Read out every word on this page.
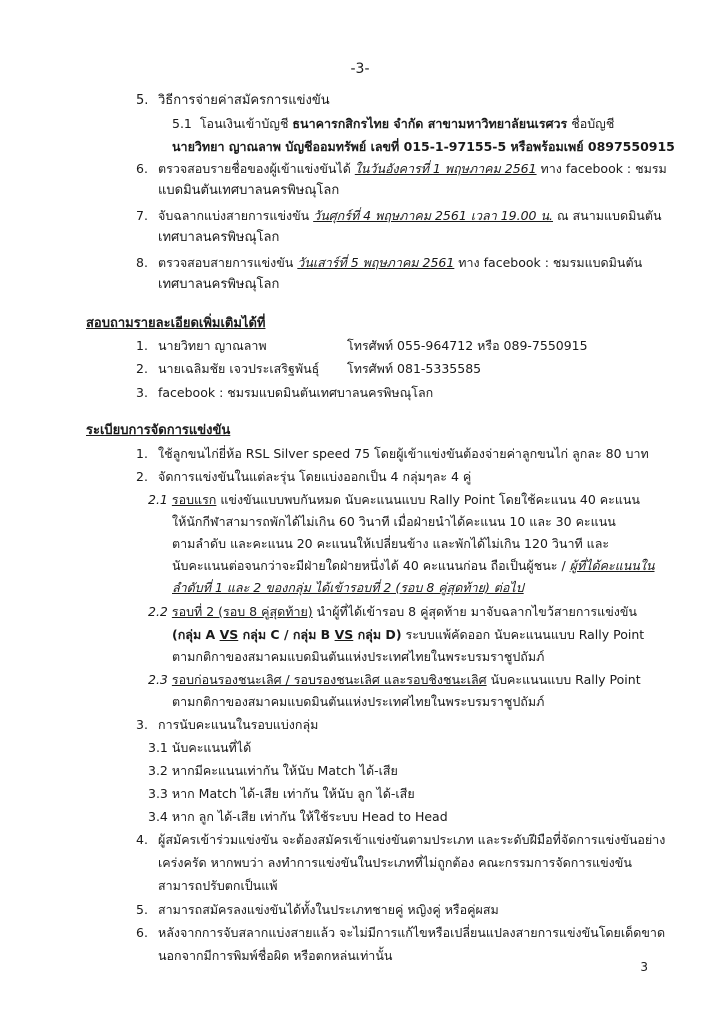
-3-
5. วิธีการจ่ายค่าสมัครการแข่งขัน
5.1 โอนเงินเข้าบัญชี ธนาคารกสิกรไทย จำกัด สาขามหาวิทยาลัยนเรศวร ชื่อบัญชี
นายวิทยา ญาณลาพ บัญชีออมทรัพย์ เลขที่ 015-1-97155-5 หรือพร้อมเพย์ 0897550915
6. ตรวจสอบรายชื่อของผู้เข้าแข่งขันได้ ในวันอังคารที่ 1 พฤษภาคม 2561 ทาง facebook : ชมรม
แบดมินตันเทศบาลนครพิษณุโลก
7. จับฉลากแบ่งสายการแข่งขัน วันศุกร์ที่ 4 พฤษภาคม 2561 เวลา 19.00 น. ณ สนามแบดมินตัน
เทศบาลนครพิษณุโลก
8. ตรวจสอบสายการแข่งขัน วันเสาร์ที่ 5 พฤษภาคม 2561 ทาง facebook : ชมรมแบดมินตัน
เทศบาลนครพิษณุโลก
สอบถามรายละเอียดเพิ่มเติมได้ที่
1. นายวิทยา ญาณลาพ	โทรศัพท์ 055-964712 หรือ 089-7550915
2. นายเฉลิมชัย เจวประเสริฐพันธุ์ โทรศัพท์ 081-5335585
3. facebook : ชมรมแบดมินตันเทศบาลนครพิษณุโลก
ระเบียบการจัดการแข่งขัน
1. ใช้ลูกขนไก่ยี่ห้อ RSL Silver speed 75 โดยผู้เข้าแข่งขันต้องจ่ายค่าลูกขนไก่ ลูกละ 80 บาท
2. จัดการแข่งขันในแต่ละรุ่น โดยแบ่งออกเป็น 4 กลุ่มๆละ 4 คู่
2.1 รอบแรก แข่งขันแบบพบกันหมด นับคะแนนแบบ Rally Point โดยใช้คะแนน 40 คะแนน
ให้นักกีฬาสามารถพักได้ไม่เกิน 60 วินาที เมื่อฝ่ายนำได้คะแนน 10 และ 30 คะแนน
ตามลำดับ และคะแนน 20 คะแนนให้เปลี่ยนข้าง และพักได้ไม่เกิน 120 วินาที และ
นับคะแนนต่อจนกว่าจะมีฝ่ายใดฝ่ายหนึ่งได้ 40 คะแนนก่อน ถือเป็นผู้ชนะ / ผู้ที่ได้คะแนนใน
ลำดับที่ 1 และ 2 ของกลุ่ม ได้เข้ารอบที่ 2 (รอบ 8 คู่สุดท้าย) ต่อไป
2.2 รอบที่ 2 (รอบ 8 คู่สุดท้าย) นำผู้ที่ได้เข้ารอบ 8 คู่สุดท้าย มาจับฉลากไขว้สายการแข่งขัน
(กลุ่ม A VS กลุ่ม C / กลุ่ม B VS กลุ่ม D) ระบบแพ้คัดออก นับคะแนนแบบ Rally Point
ตามกติกาของสมาคมแบดมินตันแห่งประเทศไทยในพระบรมราชูปถัมภ์
2.3 รอบก่อนรองชนะเลิศ / รอบรองชนะเลิศ และรอบชิงชนะเลิศ นับคะแนนแบบ Rally Point
ตามกติกาของสมาคมแบดมินตันแห่งประเทศไทยในพระบรมราชูปถัมภ์
3. การนับคะแนนในรอบแบ่งกลุ่ม
3.1 นับคะแนนที่ได้
3.2 หากมีคะแนนเท่ากัน ให้นับ Match ได้-เสีย
3.3 หาก Match ได้-เสีย เท่ากัน ให้นับ ลูก ได้-เสีย
3.4 หาก ลูก ได้-เสีย เท่ากัน ให้ใช้ระบบ Head to Head
4. ผู้สมัครเข้าร่วมแข่งขัน จะต้องสมัครเข้าแข่งขันตามประเภท และระดับฝีมือที่จัดการแข่งขันอย่าง
เคร่งครัด หากพบว่า ลงทำการแข่งขันในประเภทที่ไม่ถูกต้อง คณะกรรมการจัดการแข่งขัน
สามารถปรับตกเป็นแพ้
5. สามารถสมัครลงแข่งขันได้ทั้งในประเภทชายคู่ หญิงคู่ หรือคู่ผสม
6. หลังจากการจับสลากแบ่งสายแล้ว จะไม่มีการแก้ไขหรือเปลี่ยนแปลงสายการแข่งขันโดยเด็ดขาด
นอกจากมีการพิมพ์ชื่อผิด หรือตกหล่นเท่านั้น
3
